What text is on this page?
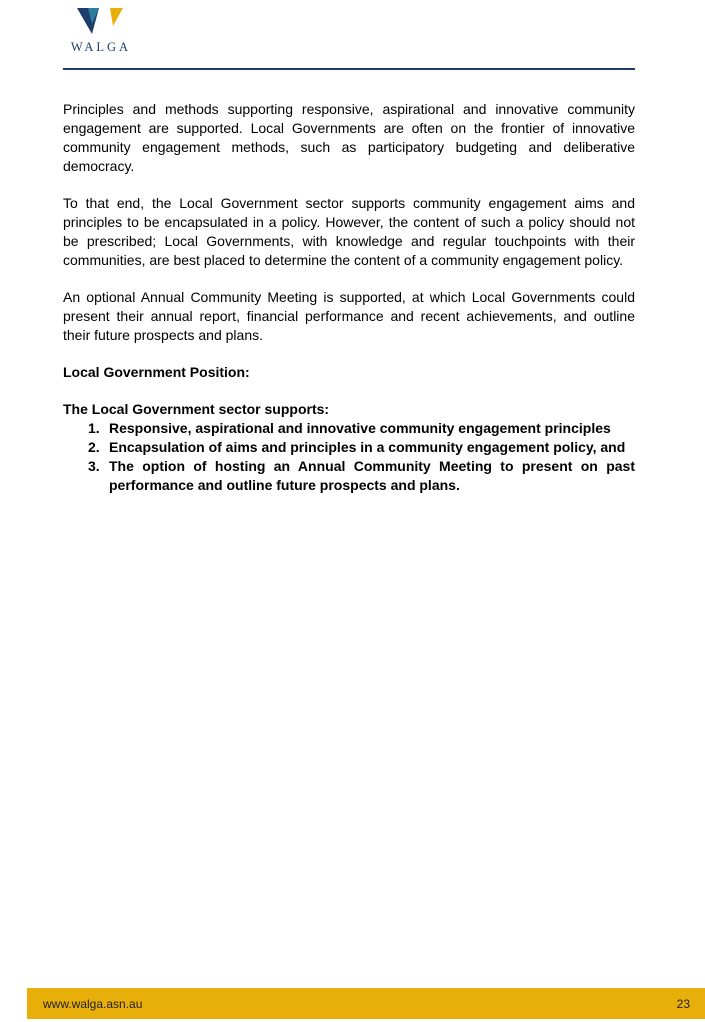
WALGA

Principles and methods supporting responsive, aspirational and innovative community engagement are supported. Local Governments are often on the frontier of innovative community engagement methods, such as participatory budgeting and deliberative democracy.

To that end, the Local Government sector supports community engagement aims and principles to be encapsulated in a policy. However, the content of such a policy should not be prescribed; Local Governments, with knowledge and regular touchpoints with their communities, are best placed to determine the content of a community engagement policy.

An optional Annual Community Meeting is supported, at which Local Governments could present their annual report, financial performance and recent achievements, and outline their future prospects and plans.

Local Government Position:
The Local Government sector supports:
1. Responsive, aspirational and innovative community engagement principles
2. Encapsulation of aims and principles in a community engagement policy, and
3. The option of hosting an Annual Community Meeting to present on past performance and outline future prospects and plans.
www.walga.asn.au	23
